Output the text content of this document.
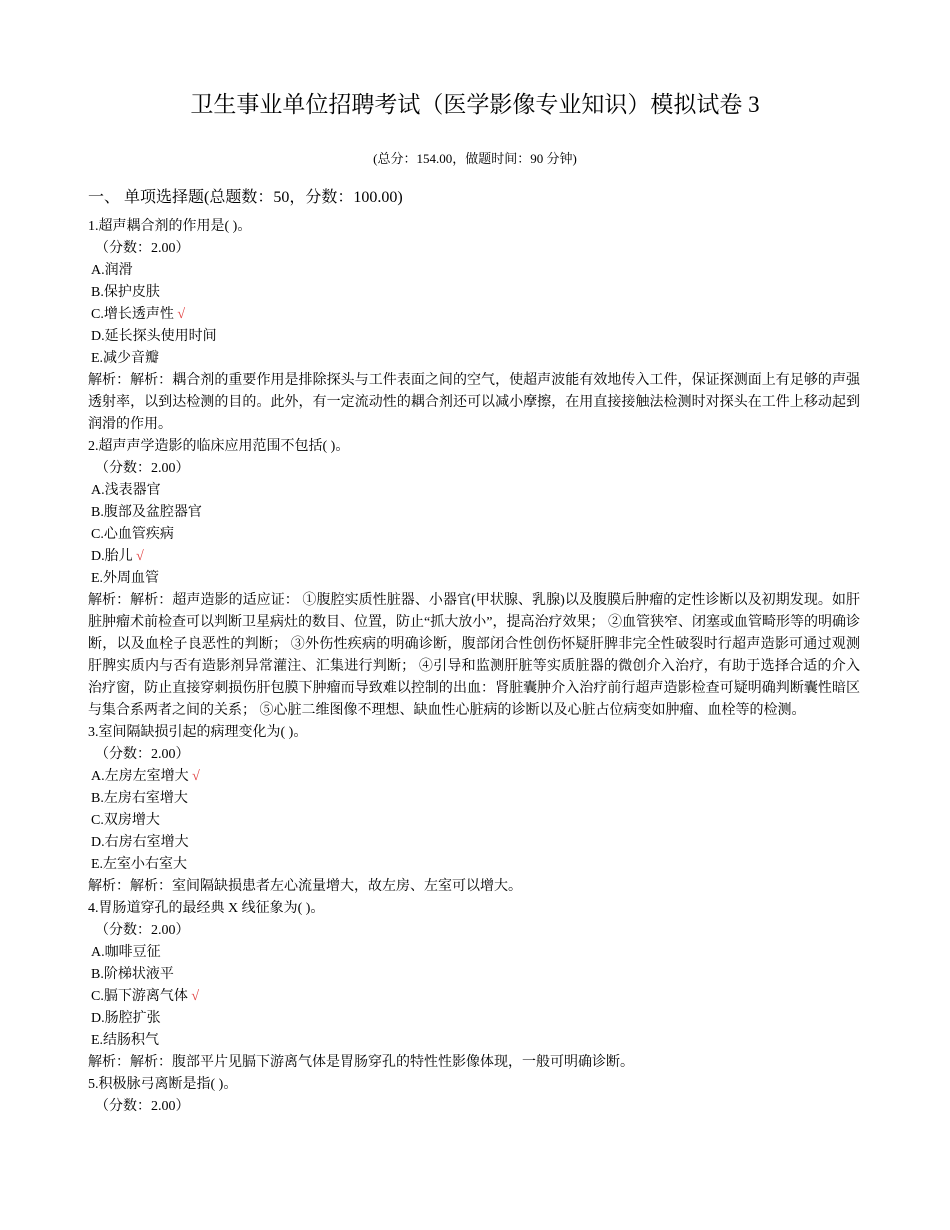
卫生事业单位招聘考试（医学影像专业知识）模拟试卷 3
(总分：154.00，做题时间：90 分钟)
一、 单项选择题(总题数：50，分数：100.00)
1.超声耦合剂的作用是( )。
（分数：2.00）
A.润滑
B.保护皮肤
C.增长透声性 √
D.延长探头使用时间
E.减少音瓣
解析：解析：耦合剂的重要作用是排除探头与工件表面之间的空气，使超声波能有效地传入工件，保证探测面上有足够的声强透射率，以到达检测的目的。此外，有一定流动性的耦合剂还可以减小摩擦，在用直接接触法检测时对探头在工件上移动起到润滑的作用。
2.超声声学造影的临床应用范围不包括( )。
（分数：2.00）
A.浅表器官
B.腹部及盆腔器官
C.心血管疾病
D.胎儿 √
E.外周血管
解析：解析：超声造影的适应证： ①腹腔实质性脏器、小器官(甲状腺、乳腺)以及腹膜后肿瘤的定性诊断以及初期发现。如肝脏肿瘤术前检查可以判断卫星病灶的数目、位置，防止“抓大放小”，提高治疗效果； ②血管狭窄、闭塞或血管畸形等的明确诊断，以及血栓子良恶性的判断； ③外伤性疾病的明确诊断，腹部闭合性创伤怀疑肝脾非完全性破裂时行超声造影可通过观测肝脾实质内与否有造影剂异常灌注、汇集进行判断； ④引导和监测肝脏等实质脏器的微创介入治疗，有助于选择合适的介入治疗窗，防止直接穿刺损伤肝包膜下肿瘤而导致难以控制的出血：肾脏囊肿介入治疗前行超声造影检查可疑明确判断囊性暗区与集合系两者之间的关系； ⑤心脏二维图像不理想、缺血性心脏病的诊断以及心脏占位病变如肿瘤、血栓等的检测。
3.室间隔缺损引起的病理变化为( )。
（分数：2.00）
A.左房左室增大 √
B.左房右室增大
C.双房增大
D.右房右室增大
E.左室小右室大
解析：解析：室间隔缺损患者左心流量增大，故左房、左室可以增大。
4.胃肠道穿孔的最经典 X 线征象为( )。
（分数：2.00）
A.咖啡豆征
B.阶梯状液平
C.膈下游离气体 √
D.肠腔扩张
E.结肠积气
解析：解析：腹部平片见膈下游离气体是胃肠穿孔的特性性影像体现，一般可明确诊断。
5.积极脉弓离断是指( )。
（分数：2.00）
